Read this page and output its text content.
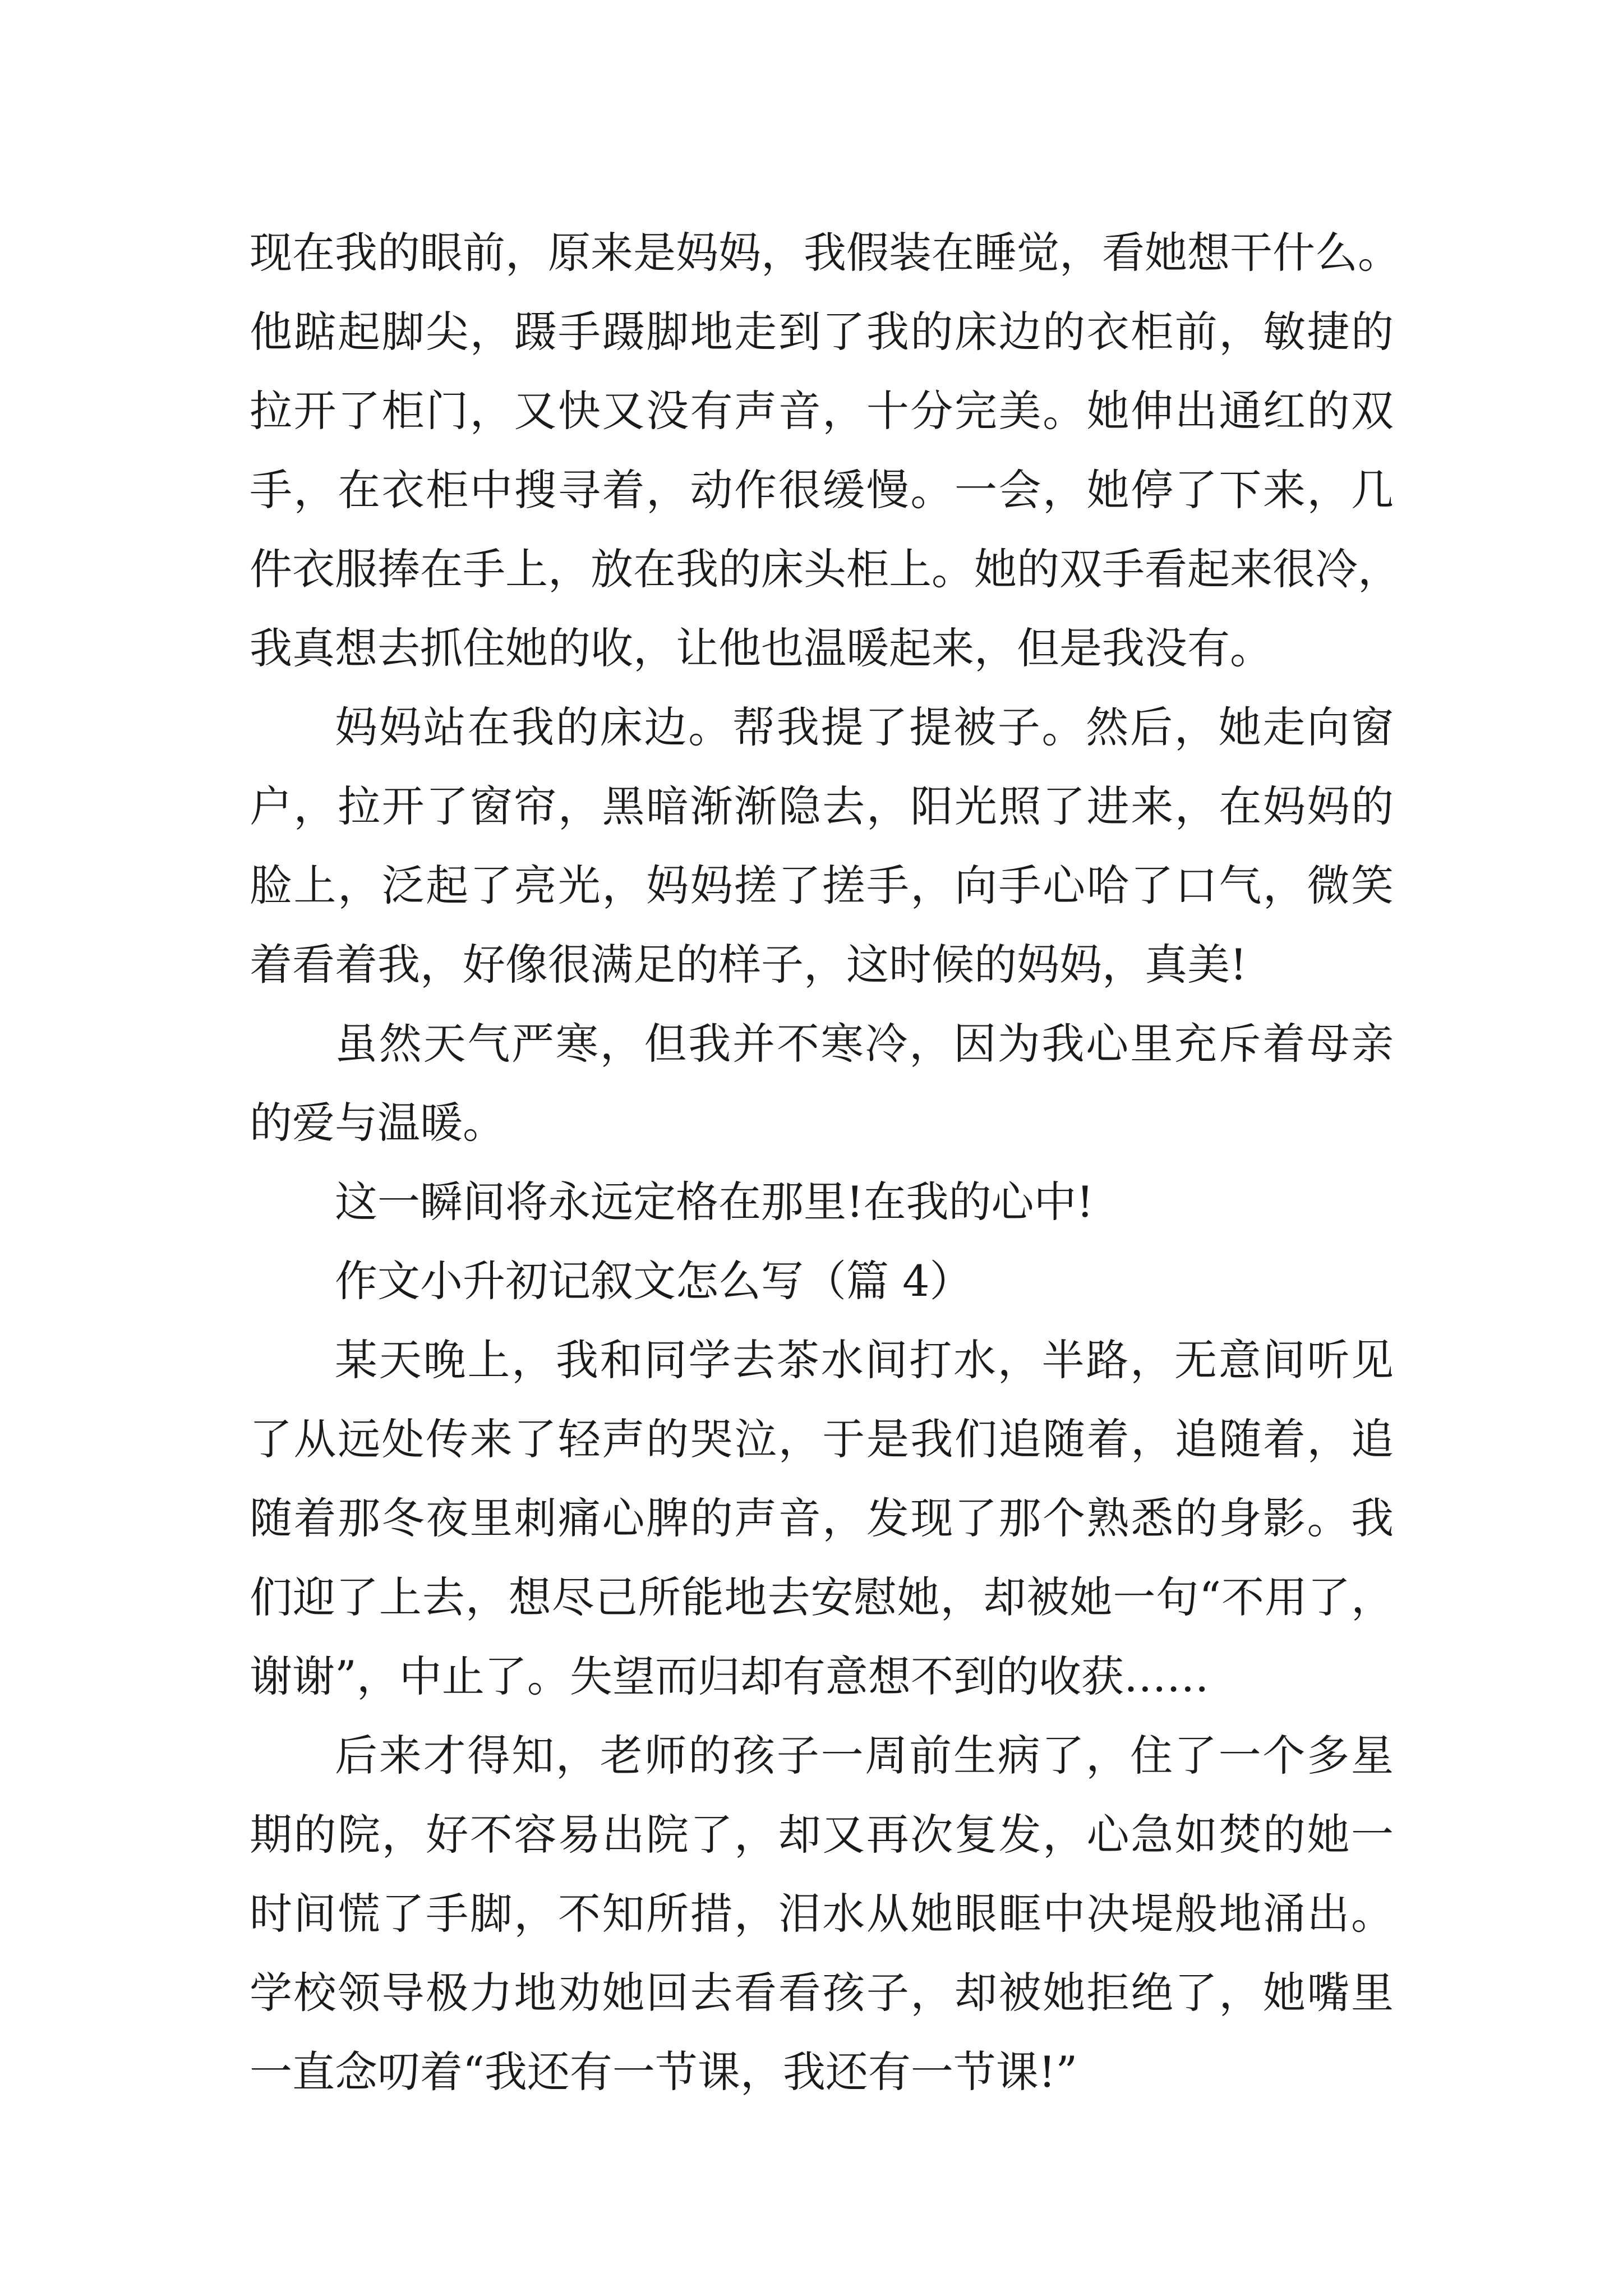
现在我的眼前，原来是妈妈，我假装在睡觉，看她想干什么。
他踮起脚尖，蹑手蹑脚地走到了我的床边的衣柜前，敏捷的
拉开了柜门，又快又没有声音，十分完美。她伸出通红的双
手，在衣柜中搜寻着，动作很缓慢。一会，她停了下来，几
件衣服捧在手上，放在我的床头柜上。她的双手看起来很冷，
我真想去抓住她的收，让他也温暖起来，但是我没有。
妈妈站在我的床边。帮我提了提被子。然后，她走向窗
户，拉开了窗帘，黑暗渐渐隐去，阳光照了进来，在妈妈的
脸上，泛起了亮光，妈妈搓了搓手，向手心哈了口气，微笑
着看着我，好像很满足的样子，这时候的妈妈，真美!
虽然天气严寒，但我并不寒冷，因为我心里充斥着母亲
的爱与温暖。
这一瞬间将永远定格在那里!在我的心中!
作文小升初记叙文怎么写（篇 4）
某天晚上，我和同学去茶水间打水，半路，无意间听见
了从远处传来了轻声的哭泣，于是我们追随着，追随着，追
随着那冬夜里刺痛心脾的声音，发现了那个熟悉的身影。我
们迎了上去，想尽己所能地去安慰她，却被她一句“不用了，
谢谢”，中止了。失望而归却有意想不到的收获……
后来才得知，老师的孩子一周前生病了，住了一个多星
期的院，好不容易出院了，却又再次复发，心急如焚的她一
时间慌了手脚，不知所措，泪水从她眼眶中决堤般地涌出。
学校领导极力地劝她回去看看孩子，却被她拒绝了，她嘴里
一直念叨着“我还有一节课，我还有一节课!”
